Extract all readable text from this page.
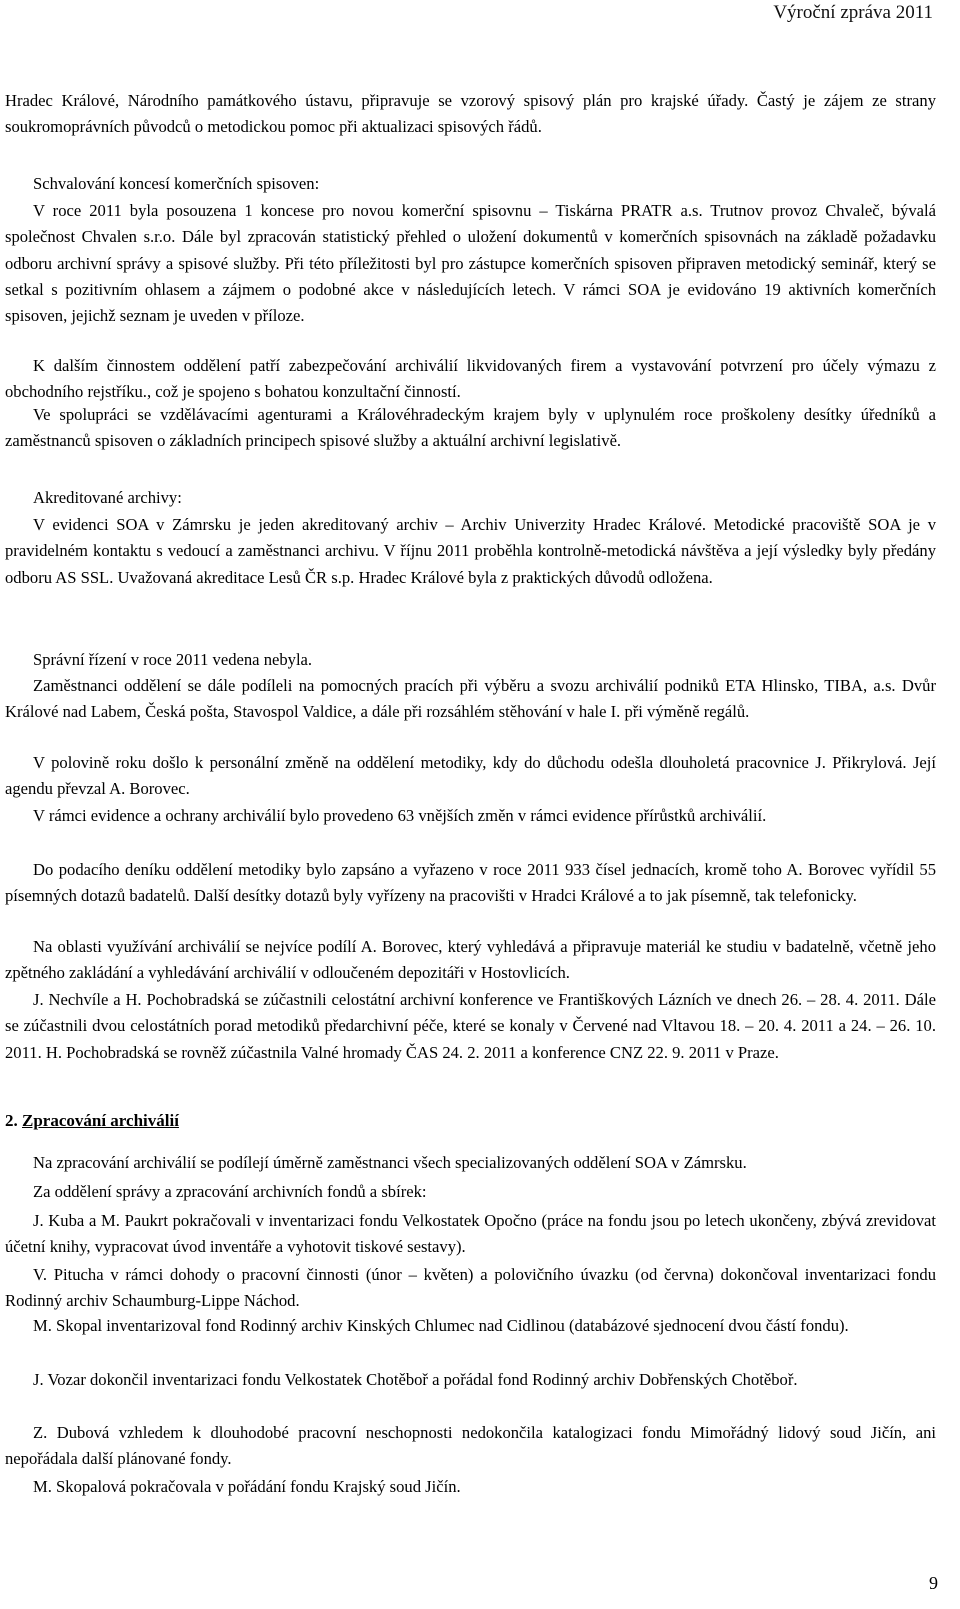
Výroční zpráva 2011

Hradec Králové, Národního památkového ústavu, připravuje se vzorový spisový plán pro krajské úřady. Častý je zájem ze strany soukromoprávních původců o metodickou pomoc při aktualizaci spisových řádů.

Schvalování koncesí komerčních spisoven:

V roce 2011 byla posouzena 1 koncese pro novou komerční spisovnu – Tiskárna PRATR a.s. Trutnov provoz Chvaleč, bývalá společnost Chvalen s.r.o. Dále byl zpracován statistický přehled o uložení dokumentů v komerčních spisovnách na základě požadavku odboru archivní správy a spisové služby. Při této příležitosti byl pro zástupce komerčních spisoven připraven metodický seminář, který se setkal s pozitivním ohlasem a zájmem o podobné akce v následujících letech. V rámci SOA je evidováno 19 aktivních komerčních spisoven, jejichž seznam je uveden v příloze.

K dalším činnostem oddělení patří zabezpečování archiválií likvidovaných firem a vystavování potvrzení pro účely výmazu z obchodního rejstříku., což je spojeno s bohatou konzultační činností.

Ve spolupráci se vzdělávacími agenturami a Královéhradeckým krajem byly v uplynulém roce proškoleny desítky úředníků a zaměstnanců spisoven o základních principech spisové služby a aktuální archivní legislativě.

Akreditované archivy:

V evidenci SOA v Zámrsku je jeden akreditovaný archiv – Archiv Univerzity Hradec Králové. Metodické pracoviště SOA je v pravidelném kontaktu s vedoucí a zaměstnanci archivu. V říjnu 2011 proběhla kontrolně-metodická návštěva a její výsledky byly předány odboru AS SSL. Uvažovaná akreditace Lesů ČR s.p. Hradec Králové byla z praktických důvodů odložena.

Správní řízení v roce 2011 vedena nebyla.

Zaměstnanci oddělení se dále podíleli na pomocných pracích při výběru a svozu archiválií podniků ETA Hlinsko, TIBA, a.s. Dvůr Králové nad Labem, Česká pošta, Stavospol Valdice, a dále při rozsáhlém stěhování v hale I. při výměně regálů.

V polovině roku došlo k personální změně na oddělení metodiky, kdy do důchodu odešla dlouholetá pracovnice J. Přikrylová. Její agendu převzal A. Borovec.

V rámci evidence a ochrany archiválií bylo provedeno 63 vnějších změn v rámci evidence přírůstků archiválií.

Do podacího deníku oddělení metodiky bylo zapsáno a vyřazeno v roce 2011 933 čísel jednacích, kromě toho A. Borovec vyřídil 55 písemných dotazů badatelů. Další desítky dotazů byly vyřízeny na pracovišti v Hradci Králové a to jak písemně, tak telefonicky.

Na oblasti využívání archiválií se nejvíce podílí A. Borovec, který vyhledává a připravuje materiál ke studiu v badatelně, včetně jeho zpětného zakládání a vyhledávání archiválií v odloučeném depozitáři v Hostovlicích.

J. Nechvíle a H. Pochobradská se zúčastnili celostátní archivní konference ve Františkových Lázních ve dnech 26. – 28. 4. 2011. Dále se zúčastnili dvou celostátních porad metodiků předarchivní péče, které se konaly v Červené nad Vltavou 18. – 20. 4. 2011 a 24. – 26. 10. 2011. H. Pochobradská se rovněž zúčastnila Valné hromady ČAS 24. 2. 2011 a konference CNZ 22. 9. 2011 v Praze.

2. Zpracování archiválií

Na zpracování archiválií se podílejí úměrně zaměstnanci všech specializovaných oddělení SOA v Zámrsku.

Za oddělení správy a zpracování archivních fondů a sbírek:

J. Kuba a M. Paukrt pokračovali v inventarizaci fondu Velkostatek Opočno (práce na fondu jsou po letech ukončeny, zbývá zrevidovat účetní knihy, vypracovat úvod inventáře a vyhotovit tiskové sestavy).

V. Pitucha v rámci dohody o pracovní činnosti (únor – květen) a polovičního úvazku (od června) dokončoval inventarizaci fondu Rodinný archiv Schaumburg-Lippe Náchod.

M. Skopal inventarizoval fond Rodinný archiv Kinských Chlumec nad Cidlinou (databázové sjednocení dvou částí fondu).

J. Vozar dokončil inventarizaci fondu Velkostatek Chotěboř a pořádal fond Rodinný archiv Dobřenských Chotěboř.

Z. Dubová vzhledem k dlouhodobé pracovní neschopnosti nedokončila katalogizaci fondu Mimořádný lidový soud Jičín, ani nepořádala další plánované fondy.

M. Skopalová pokračovala v pořádání fondu Krajský soud Jičín.

9
